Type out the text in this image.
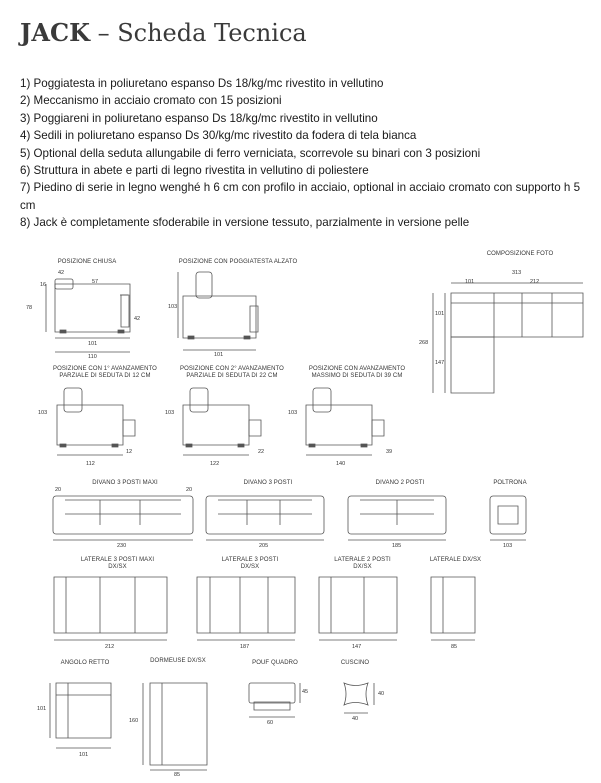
JACK – Scheda Tecnica
1) Poggiatesta in poliuretano espanso Ds 18/kg/mc rivestito in vellutino
2) Meccanismo in acciaio cromato con 15 posizioni
3) Poggiareni in poliuretano espanso Ds 18/kg/mc rivestito in vellutino
4) Sedili in poliuretano espanso Ds 30/kg/mc rivestito da fodera di tela bianca
5) Optional della seduta allungabile di ferro verniciata, scorrevole su binari con 3 posizioni
6) Struttura in abete e parti di legno rivestita in vellutino di poliestere
7) Piedino di serie in legno wenghé h 6 cm con profilo in acciaio, optional in acciaio cromato con supporto h 5 cm
8) Jack è completamente sfoderabile in versione tessuto, parzialmente in versione pelle
POSIZIONE CHIUSA	POSIZIONE CON POGGIATESTA ALZATO
COMPOSIZIONE FOTO
POSIZIONE CON 1° AVANZAMENTO PARZIALE DI SEDUTA DI 12 CM
POSIZIONE CON 2° AVANZAMENTO PARZIALE DI SEDUTA DI 22 CM
POSIZIONE CON AVANZAMENTO MASSIMO DI SEDUTA DI 39 CM
DIVANO 3 POSTI MAXI	DIVANO 3 POSTI	DIVANO 2 POSTI	POLTRONA
LATERALE 3 POSTI MAXI DX/SX
LATERALE 3 POSTI DX/SX
LATERALE 2 POSTI DX/SX
LATERALE DX/SX
ANGOLO RETTO	DORMEUSE DX/SX	POUF QUADRO	CUSCINO
42
57
16
78
42
101
110
103
101
313
101	212
101
268
147
103
112
12
103
122
22
103
140
39
20	20
230	205	185	103
212	187	147	85
101
101
160
85
45
60
40
40
